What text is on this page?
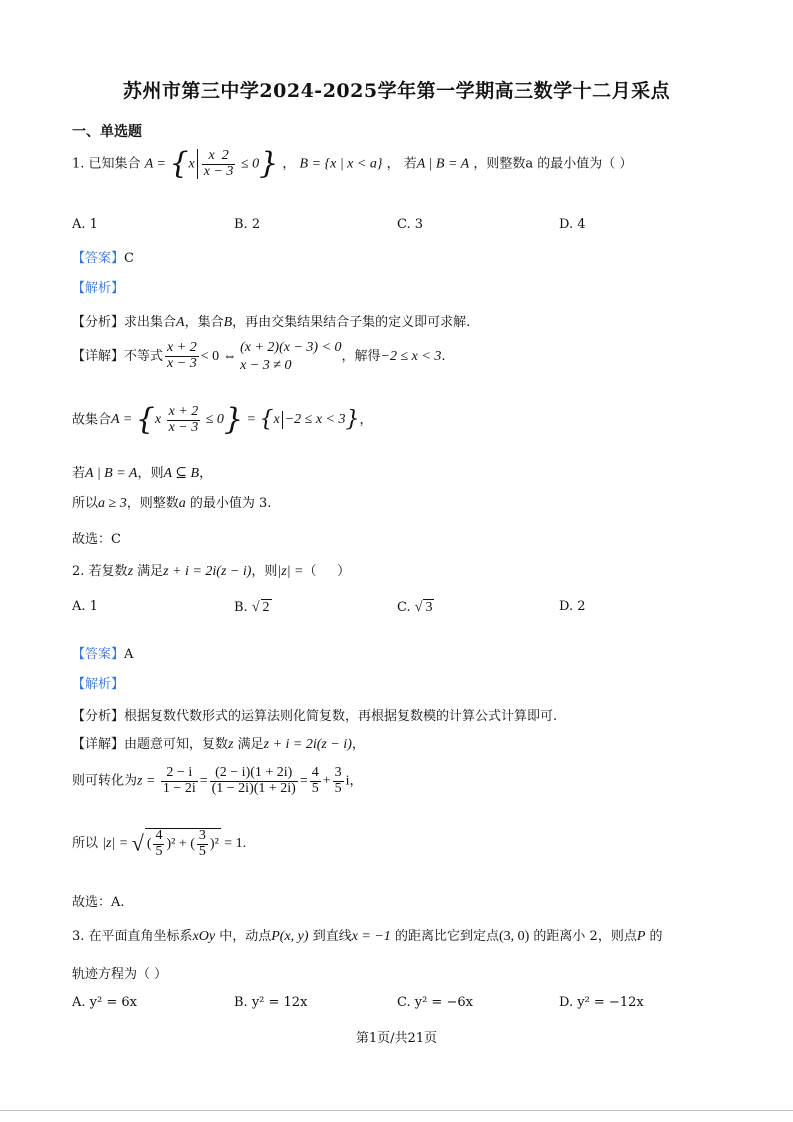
苏州市第三中学2024-2025学年第一学期高三数学十二月采点
一、单选题
1. 已知集合 $A = \{x \frac{x 2}{x - 3} \le 0\}$ ， B = {x | x < a} ， 若A | B = A ，则整数a 的最小值为（ ）
A. 1	B. 2	C. 3	D. 4
【答案】C
【解析】
【分析】求出集合A，集合B，再由交集结果结合子集的定义即可求解.
【详解】不等式 $\frac{x + 2}{x - 3} < 0$ ⇔
(x + 2)(x − 3) < 0
x − 3 ≠ 0
，解得−2 ≤ x < 3.
故集合$A = \{x \frac{x + 2}{x - 3} \le 0\} = \{x -2 \le x < 3\}$，
若A | B = A，则A ⊆ B，
所以a ≥ 3，则整数a 的最小值为 3.
故选：C
2. 若复数z 满足z + i = 2i(z − i)，则|z| =（     ）
A. 1	B. √ 2	C. √ 3	D. 2
【答案】A
【解析】
【分析】根据复数代数形式的运算法则化简复数，再根据复数模的计算公式计算即可.
【详解】由题意可知，复数z 满足z + i = 2i(z − i)，
则可转化为$z = \frac{2 - i}{1 - 2i} = \frac{(2 - i)(1 + 2i)}{(1 - 2i)(1 + 2i)} = \frac{4}{5} + \frac{3}{5}$ i，
所以 |z| = √ ( $\frac{4}{5} )^2$ + ( $\frac{3}{5} )^2 = 1$.
故选：A.
3. 在平面直角坐标系xOy 中，动点P(x, y) 到直线x = −1 的距离比它到定点(3, 0) 的距离小 2，则点P 的
轨迹方程为（ ）
A. y² = 6x	B. y² = 12x	C. y² = −6x	D. y² = −12x
第1页/共21页
